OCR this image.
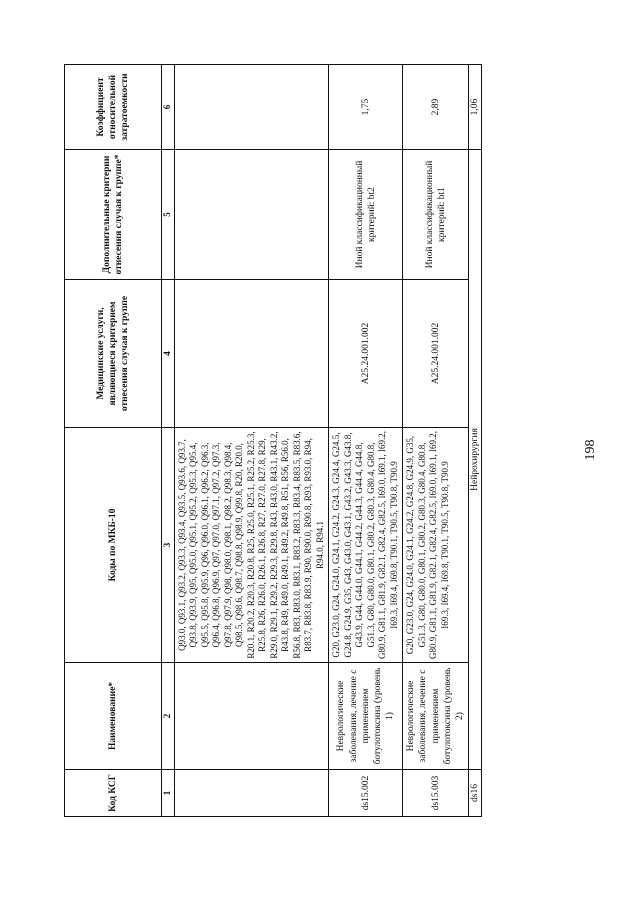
198
Код КСГ	Наименование*	Коды по МКБ-10	Медицинские услуги, являющиеся критерием отнесения случая к группе	Дополнительные критерии отнесения случая к группе*	Коэффициент относительной затратоемкости
1	2	3	4	5	6
		Q93.0, Q93.1, Q93.2, Q93.3, Q93.4, Q93.5, Q93.6, Q93.7, Q93.8, Q93.9, Q95, Q95.0, Q95.1, Q95.2, Q95.3, Q95.4, Q95.5, Q95.8, Q95.9, Q96, Q96.0, Q96.1, Q96.2, Q96.3, Q96.4, Q96.8, Q96.9, Q97, Q97.0, Q97.1, Q97.2, Q97.3, Q97.8, Q97.9, Q98, Q98.0, Q98.1, Q98.2, Q98.3, Q98.4, Q98.5, Q98.6, Q98.7, Q98.8, Q98.9, Q99.8, R20, R20.0, R20.1, R20.2, R20.3, R20.8, R25, R25.0, R25.1, R25.2, R25.3, R25.8, R26, R26.0, R26.1, R26.8, R27, R27.0, R27.8, R29, R29.0, R29.1, R29.2, R29.3, R29.8, R43, R43.0, R43.1, R43.2, R43.8, R49, R49.0, R49.1, R49.2, R49.8, R51, R56, R56.0, R56.8, R83, R83.0, R83.1, R83.2, R83.3, R83.4, R83.5, R83.6, R83.7, R83.8, R83.9, R90, R90.0, R90.8, R93, R93.0, R94, R94.0, R94.1			
ds15.002	Неврологические заболевания, лечение с применением ботулотоксина (уровень 1)	G20, G23.0, G24, G24.0, G24.1, G24.2, G24.3, G24.4, G24.5, G24.8, G24.9, G35, G43, G43.0, G43.1, G43.2, G43.3, G43.8, G43.9, G44, G44.0, G44.1, G44.2, G44.3, G44.4, G44.8, G51.3, G80, G80.0, G80.1, G80.2, G80.3, G80.4, G80.8, G80.9, G81.1, G81.9, G82.1, G82.4, G82.5, I69.0, I69.1, I69.2, I69.3, I69.4, I69.8, T90.1, T90.5, T90.8, T90.9	A25.24.001.002	Иной классификационный критерий: bt2	1,75
ds15.003	Неврологические заболевания, лечение с применением ботулотоксина (уровень 2)	G20, G23.0, G24, G24.0, G24.1, G24.2, G24.8, G24.9, G35, G51.3, G80, G80.0, G80.1, G80.2, G80.3, G80.4, G80.8, G80.9, G81.1, G81.9, G82.1, G82.4, G82.5, I69.0, I69.1, I69.2, I69.3, I69.4, I69.8, T90.1, T90.5, T90.8, T90.9	A25.24.001.002	Иной классификационный критерий: bt1	2,89
ds16	Нейрохирургия				1,06
